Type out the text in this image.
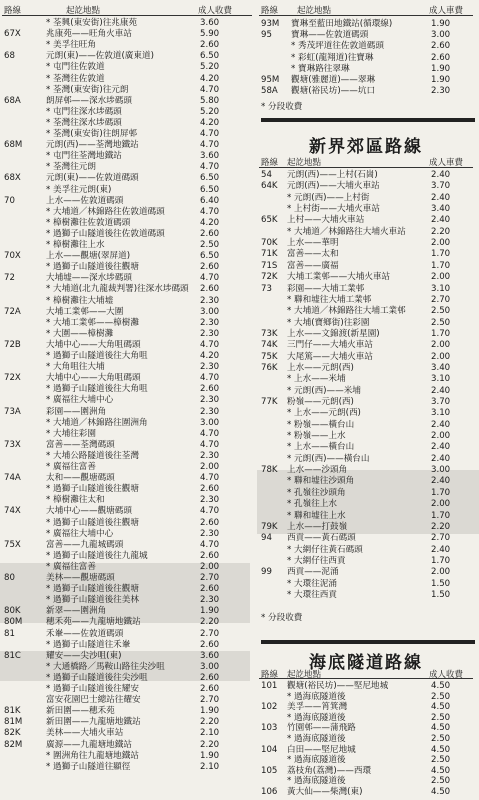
路線	起訖地點	成人收費
* 荃興(東安街)往兆康苑	3.60
67X	兆康苑——旺角火車站	5.90
* 美孚往旺角	2.60
68	元朗(東)——佐敦道(廣東道)	6.50
* 屯門往佐敦道	5.20
* 荃灣往佐敦道	4.20
* 荃灣(東安街)往元朗	4.70
68A	朗屏邨——深水埗碼頭	5.80
* 屯門往深水埗碼頭	5.20
* 荃灣往深水埗碼頭	4.20
* 荃灣(東安街)往朗屏邨	4.70
68M	元朗(西)——荃灣地鐵站	4.70
* 屯門往荃灣地鐵站	3.60
* 荃灣往元朗	4.70
68X	元朗(東)——佐敦道碼頭	6.50
* 美孚往元朗(東)	6.50
70	上水——佐敦道碼頭	6.40
* 大埔道／林錦路往佐敦道碼頭	4.70
* 樟樹灘往佐敦道碼頭	4.20
* 過獅子山隧道後往佐敦道碼頭	2.60
* 樟樹灘往上水	2.50
70X	上水——觀塘(翠屏道)	6.50
* 過獅子山隧道後往觀塘	2.60
72	大埔墟——深水埗碼頭	4.70
* 大埔道(北九龍裁判署)往深水埗碼頭 2.60
* 樟樹灘往大埔墟	2.30
72A	大埔工業邨——大圍	3.00
* 大埔工業邨——樟樹灘	2.30
* 大圍——樟樹灘	2.30
72B	大埔中心——大角咀碼頭	4.70
* 過獅子山隧道後往大角咀	4.20
* 大角咀往大埔	2.30
72X	大埔中心——大角咀碼頭	4.70
* 過獅子山隧道後往大角咀	2.60
* 廣福往大埔中心	2.30
73A	彩園——圍洲角	2.30
* 大埔道／林錦路往圍洲角	3.00
* 大埔往彩園	4.70
73X	富善——荃灣碼頭	4.70
* 大埔公路隧道後往荃灣	2.30
* 廣福往富善	2.00
74A	太和——觀塘碼頭	4.70
* 過獅子山隧道後往觀塘	2.60
* 樟樹灘往太和	2.30
74X	大埔中心——觀塘碼頭	4.70
* 過獅子山隧道後往觀塘	2.60
* 廣福往大埔中心	2.30
75X	富善——九龍城碼頭	4.70
* 過獅子山隧道後往九龍城	2.60
* 廣福往富善	2.00
80	美林——觀塘碼頭	2.70
* 過獅子山隧道後往觀塘	2.60
* 過獅子山隧道後往美林	2.30
80K	新翠——圍洲角	1.90
80M	穗禾苑——九龍塘地鐵站	2.20
81	禾輋——佐敦道碼頭	2.70
* 過獅子山隧道往禾輋	2.60
81C	耀安——尖沙咀(東)	3.60
* 大通橋路／馬鞍山路往尖沙咀	3.00
* 過獅子山隧道後往尖沙咀	2.60
* 過獅子山隧道後往耀安	2.60
富安花園巴士總站往耀安	2.70
81K	新田圍——穗禾苑	1.90
81M	新田圍——九龍塘地鐵站	2.20
82K	美林——大埔火車站	2.10
82M	廣源——九龍塘地鐵站	2.20
* 圍洲角往九龍塘地鐵站	1.90
* 過獅子山隧道往顯徑	2.10
路線 起訖地點	成人車費
93M 寶琳至藍田地鐵站(循環線)	1.90
95 寶琳——佐敦道碼頭	3.00
* 秀茂坪道往佐敦道碼頭	2.60
* 彩虹(龍翔道)往寶琳	2.60
* 寶琳路往翠琳	1.90
95M 觀塘(雅麗道)——翠琳	1.90
58A 觀塘(裕民坊)——坑口	2.30
* 分段收費
新界郊區路線
路線 起訖地點	成人車費
54 元朗(西)——上村(石崗)	2.40
64K 元朗(西)——大埔火車站	3.70
* 元朗(西)——上村街	2.40
* 上村街——大埔火車站	3.40
65K 上村——大埔火車站	2.40
* 大埔道／林錦路往大埔火車站	2.20
70K 上水——華明	2.00
71K 富善——太和	1.70
71S 富善——廣福	1.70
72K 大埔工業邨——大埔火車站	2.00
73 彩園——大埔工業邨	3.10
* 聯和墟往大埔工業邨	2.70
* 大埔道／林錦路往大埔工業邨	2.50
* 大埔(寶鄉街)往彩園	2.50
73K 上水——文錦渡(新星園)	1.70
74K 三門仔——大埔火車站	2.00
75K 大尾篤——大埔火車站	2.00
76K 上水——元朗(西)	3.40
* 上水——米埔	3.10
* 元朗(西)——米埔	2.40
77K 粉嶺——元朗(西)	3.70
* 上水——元朗(西)	3.10
* 粉嶺——橫台山	2.40
* 粉嶺——上水	2.00
* 上水——橫台山	2.40
* 元朗(西)——橫台山	2.40
78K 上水——沙頭角	3.00
* 聯和墟往沙頭角	2.40
* 孔嶺往沙頭角	1.70
* 孔嶺往上水	2.00
* 聯和墟往上水	1.70
79K 上水——打鼓嶺	2.20
94 西貢——黃石碼頭	2.70
* 大網仔往黃石碼頭	2.40
* 大網仔往西貢	1.70
99 西貢——泥涌	2.00
* 大環往泥涌	1.50
* 大環往西貢	1.50
* 分段收費
海底隧道路線
路線 起訖地點	成人收費
101 觀塘(裕民坊)——堅尼地城	4.50
* 過海底隧道後	2.50
102 美孚——筲箕灣	4.50
* 過海底隧道後	2.50
103 竹園邨——蒲飛路	4.50
* 過海底隧道後	2.50
104 白田——堅尼地城	4.50
* 過海底隧道後	2.50
105 荔枝角(荔灣)——西環	4.50
* 過海底隧道後	2.50
106 黃大仙——柴灣(東)	4.50
